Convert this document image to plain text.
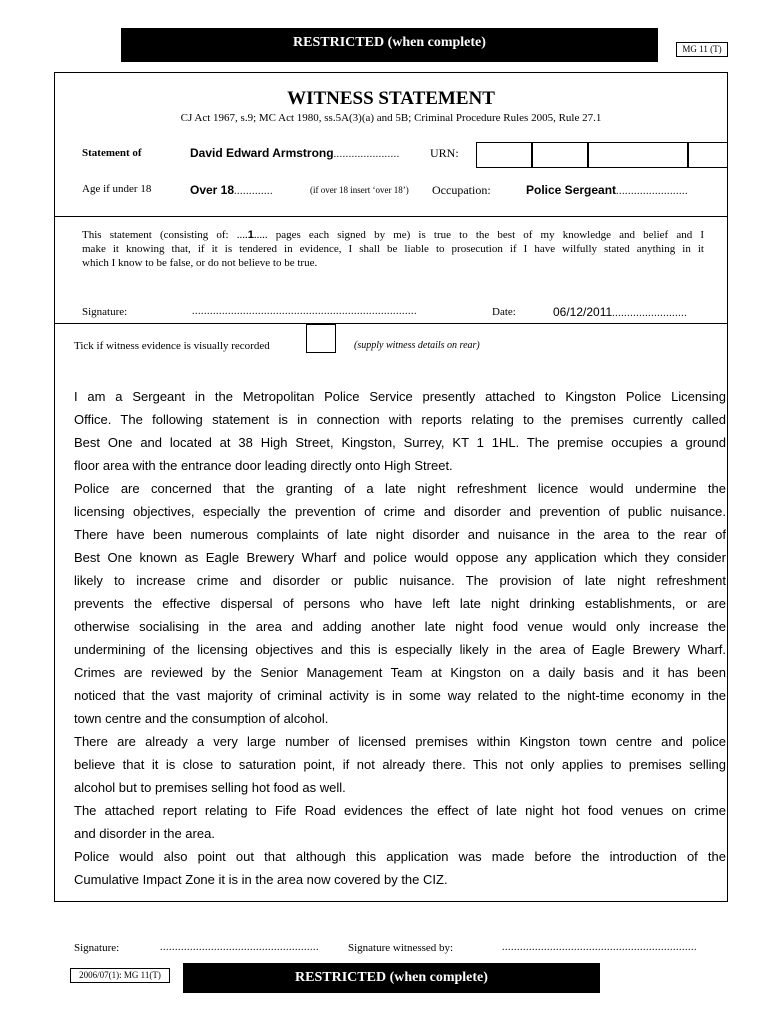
RESTRICTED (when complete)	MG 11 (T)
WITNESS STATEMENT
CJ Act 1967, s.9; MC Act 1980, ss.5A(3)(a) and 5B; Criminal Procedure Rules 2005, Rule 27.1
Statement of	David Edward Armstrong......................	URN:
Age if under 18	Over 18.............	(if over 18 insert ‘over 18’) Occupation:	Police Sergeant........................
This statement (consisting of: ....1..... pages each signed by me) is true to the best of my knowledge and belief and I
make it knowing that, if it is tendered in evidence, I shall be liable to prosecution if I have wilfully stated anything in it
which I know to be false, or do not believe to be true.
Signature:	...........................................................................	Date:	06/12/2011.........................
Tick if witness evidence is visually recorded	(supply witness details on rear)

I am a Sergeant in the Metropolitan Police Service presently attached to Kingston Police Licensing

Office. The following statement is in connection with reports relating to the premises currently called

Best One and located at 38 High Street, Kingston, Surrey, KT 1 1HL. The premise occupies a ground

floor area with the entrance door leading directly onto High Street.

Police are concerned that the granting of a late night refreshment licence would undermine the

licensing objectives, especially the prevention of crime and disorder and prevention of public nuisance.

There have been numerous complaints of late night disorder and nuisance in the area to the rear of

Best One known as Eagle Brewery Wharf and police would oppose any application which they consider

likely to increase crime and disorder or public nuisance. The provision of late night refreshment

prevents the effective dispersal of persons who have left late night drinking establishments, or are

otherwise socialising in the area and adding another late night food venue would only increase the

undermining of the licensing objectives and this is especially likely in the area of Eagle Brewery Wharf.

Crimes are reviewed by the Senior Management Team at Kingston on a daily basis and it has been

noticed that the vast majority of criminal activity is in some way related to the night-time economy in the

town centre and the consumption of alcohol.

There are already a very large number of licensed premises within Kingston town centre and police

believe that it is close to saturation point, if not already there. This not only applies to premises selling

alcohol but to premises selling hot food as well.

The attached report relating to Fife Road evidences the effect of late night hot food venues on crime

and disorder in the area.

Police would also point out that although this application was made before the introduction of the

Cumulative Impact Zone it is in the area now covered by the CIZ.

Signature:	.....................................................	Signature witnessed by:	.................................................................
2006/07(1): MG 11(T)	RESTRICTED (when complete)
